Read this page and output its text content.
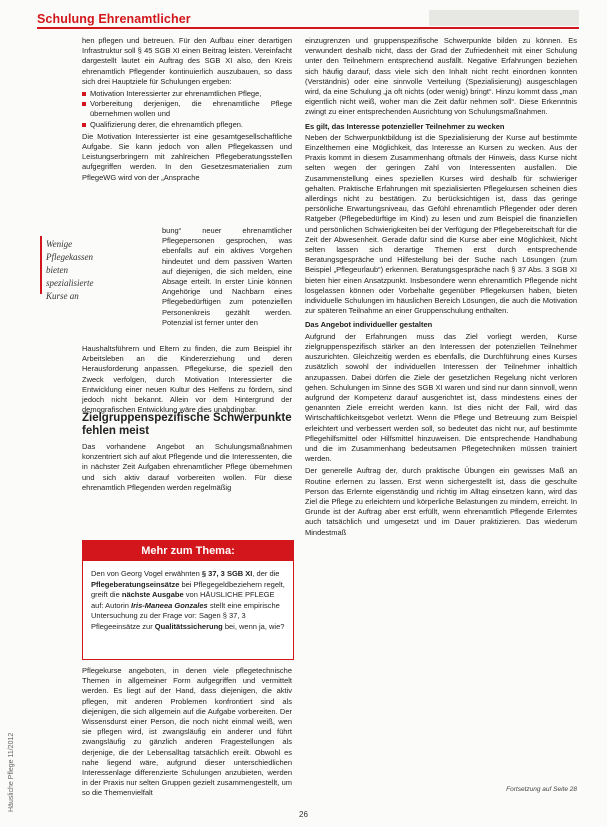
Schulung Ehrenamtlicher
Häusliche Pflege 11/2012

hen pflegen und betreuen. Für den Aufbau einer derartigen Infrastruktur soll § 45 SGB XI einen Beitrag leisten. Vereinfacht dargestellt lautet ein Auftrag des SGB XI also, den Kreis ehrenamtlich Pflegender kontinuierlich auszubauen, so dass sich drei Hauptziele für Schulungen ergeben:

Motivation Interessierter zur ehrenamtlichen Pflege,
Vorbereitung derjenigen, die ehrenamtliche Pflege übernehmen wollen und
Qualifizierung derer, die ehrenamtlich pflegen.

Die Motivation Interessierter ist eine gesamtgesellschaftliche Aufgabe. Sie kann jedoch von allen Pflegekassen und Leistungserbringern mit zahlreichen Pflegeberatungsstellen aufgegriffen werden. In den Gesetzesmaterialien zum PflegeWG wird von der „Ansprache

Wenige Pflegekassen bieten spezialisierte Kurse an
bung“ neuer ehrenamtlicher Pflegepersonen gesprochen, was ebenfalls auf ein aktives Vorgehen hindeutet und dem passiven Warten auf diejenigen, die sich melden, eine Absage erteilt. In erster Linie können Angehörige und Nachbarn eines Pflegebedürftigen zum potenziellen Personenkreis gezählt werden. Potenzial ist ferner unter den
Haushaltsführern und Eltern zu finden, die zum Beispiel ihr Arbeitsleben an die Kindererziehung und deren Herausforderung anpassen. Pflegekurse, die speziell den Zweck verfolgen, durch Motivation Interessierter die Entwicklung einer neuen Kultur des Helfens zu fördern, sind jedoch nicht bekannt. Allein vor dem Hintergrund der demografischen Entwicklung wäre dies unabdingbar.
Zielgruppenspezifische Schwerpunkte fehlen meist
Das vorhandene Angebot an Schulungsmaßnahmen konzentriert sich auf akut Pflegende und die Interessenten, die in nächster Zeit Aufgaben ehrenamtlicher Pflege übernehmen und sich aktiv darauf vorbereiten wollen. Für diese ehrenamtlich Pflegenden werden regelmäßig
Mehr zum Thema:
Den von Georg Vogel erwähnten § 37, 3 SGB XI, der die Pflegeberatungseinsätze bei Pflegegeldbeziehern regelt, greift die nächste Ausgabe von HÄUSLICHE PFLEGE auf: Autorin Iris-Maneea Gonzales stellt eine empirische Untersuchung zu der Frage vor: Sagen § 37, 3 Pflegeeinsätze zur Qualitätssicherung bei, wenn ja, wie?
Pflegekurse angeboten, in denen viele pflegetechnische Themen in allgemeiner Form aufgegriffen und vermittelt werden. Es liegt auf der Hand, dass diejenigen, die aktiv pflegen, mit anderen Problemen konfrontiert sind als diejenigen, die sich allgemein auf die Aufgabe vorbereiten. Der Wissensdurst einer Person, die noch nicht einmal weiß, wen sie pflegen wird, ist zwangsläufig ein anderer und führt zwangsläufig zu gänzlich anderen Fragestellungen als derjenige, die der Lebensalltag tatsächlich ereilt. Obwohl es nahe liegend wäre, aufgrund dieser unterschiedlichen Interessenlage differenzierte Schulungen anzubieten, werden in der Praxis nur selten Gruppen gezielt zusammengestellt, um so die Themenvielfalt

einzugrenzen und gruppenspezifische Schwerpunkte bilden zu können. Es verwundert deshalb nicht, dass der Grad der Zufriedenheit mit einer Schulung unter den Teilnehmern entsprechend ausfällt. Negative Erfahrungen beziehen sich häufig darauf, dass viele sich den Inhalt nicht recht einordnen konnten (Verständnis) oder eine sinnvolle Verteilung (Spezialisierung) ausgeschlagen wird, da eine Schulung „ja oft nichts (oder wenig) bringt“. Hinzu kommt dass „man eigentlich nicht weiß, woher man die Zeit dafür nehmen soll“. Diese Erkenntnis zwingt zu einer entsprechenden Ausrichtung von Schulungsmaßnahmen.

Es gilt, das Interesse potenzieller Teilnehmer zu wecken

Neben der Schwerpunktbildung ist die Spezialisierung der Kurse auf bestimmte Einzelthemen eine Möglichkeit, das Interesse an Kursen zu wecken. Aus der Praxis kommt in diesem Zusammenhang oftmals der Hinweis, dass Kurse nicht selten wegen der geringen Zahl von Interessenten ausfallen. Die Zusammenstellung eines speziellen Kurses wird deshalb für schwieriger gehalten. Praktische Erfahrungen mit spezialisierten Pflegekursen scheinen dies allerdings nicht zu bestätigen. Zu berücksichtigen ist, dass das geringe persönliche Erwartungsniveau, das Gefühl ehrenamtlich Pflegender oder deren Ratgeber (Pflegebedürftige im Kind) zu lesen und zum Beispiel die finanziellen und persönlichen Schwierigkeiten bei der Verfügung der Pflegebereitschaft für die Zeit der Abwesenheit. Gerade dafür sind die Kurse aber eine Möglichkeit, Nicht selten lassen sich derartige Themen erst durch entsprechende Beratungsgespräche und Hilfestellung bei der Suche nach Lösungen (zum Beispiel „Pflegeurlaub“) erkennen. Beratungsgespräche nach § 37 Abs. 3 SGB XI bieten hier einen Ansatzpunkt. Insbesondere wenn ehrenamtlich Pflegende nicht losgelassen können oder Vorbehalte gegenüber Pflegekursen haben, bieten individuelle Schulungen im häuslichen Bereich Lösungen, die auch die Motivation zur späteren Teilnahme an einer Gruppenschulung enthalten.

Das Angebot individueller gestalten

Aufgrund der Erfahrungen muss das Ziel vorliegt werden, Kurse zielgruppenspezifisch stärker an den Interessen der potenziellen Teilnehmer auszurichten. Gleichzeitig werden es ebenfalls, die Durchführung eines Kurses zusätzlich sowohl der individuellen Interessen der Teilnehmer inhaltlich anzupassen. Dabei dürfen die Ziele der gesetzlichen Regelung nicht verloren gehen. Schulungen im Sinne des SGB XI waren und sind nur dann sinnvoll, wenn aufgrund der Kompetenz darauf ausgerichtet ist, dass mindestens eines der genannten Ziele erreicht werden kann. Ist dies nicht der Fall, wird das Wirtschaftlichkeitsgebot verletzt. Wenn die Pflege und Betreuung zum Beispiel erleichtert und verbessert werden soll, so bedeutet das nicht nur, auf bestimmte Pflegehilfsmittel oder Hilfsmittel hinzuweisen. Die entsprechende Handhabung und die im Zusammenhang bedeutsamen Pflegetechniken müssen trainiert werden.

Der generelle Auftrag der, durch praktische Übungen ein gewisses Maß an Routine erlernen zu lassen. Erst wenn sichergestellt ist, dass die geschulte Person das Erlernte eigenständig und richtig im Alltag einsetzen kann, wird das Ziel die Pflege zu erleichtern und körperliche Belastungen zu mindern, erreicht. In Grunde ist der Auftrag aber erst erfüllt, wenn ehrenamtlich Pflegende Erlerntes auch tatsächlich und umgesetzt und im Dauer praktizieren. Das wiederum Mindestmaß

Fortsetzung auf Seite 28
26
